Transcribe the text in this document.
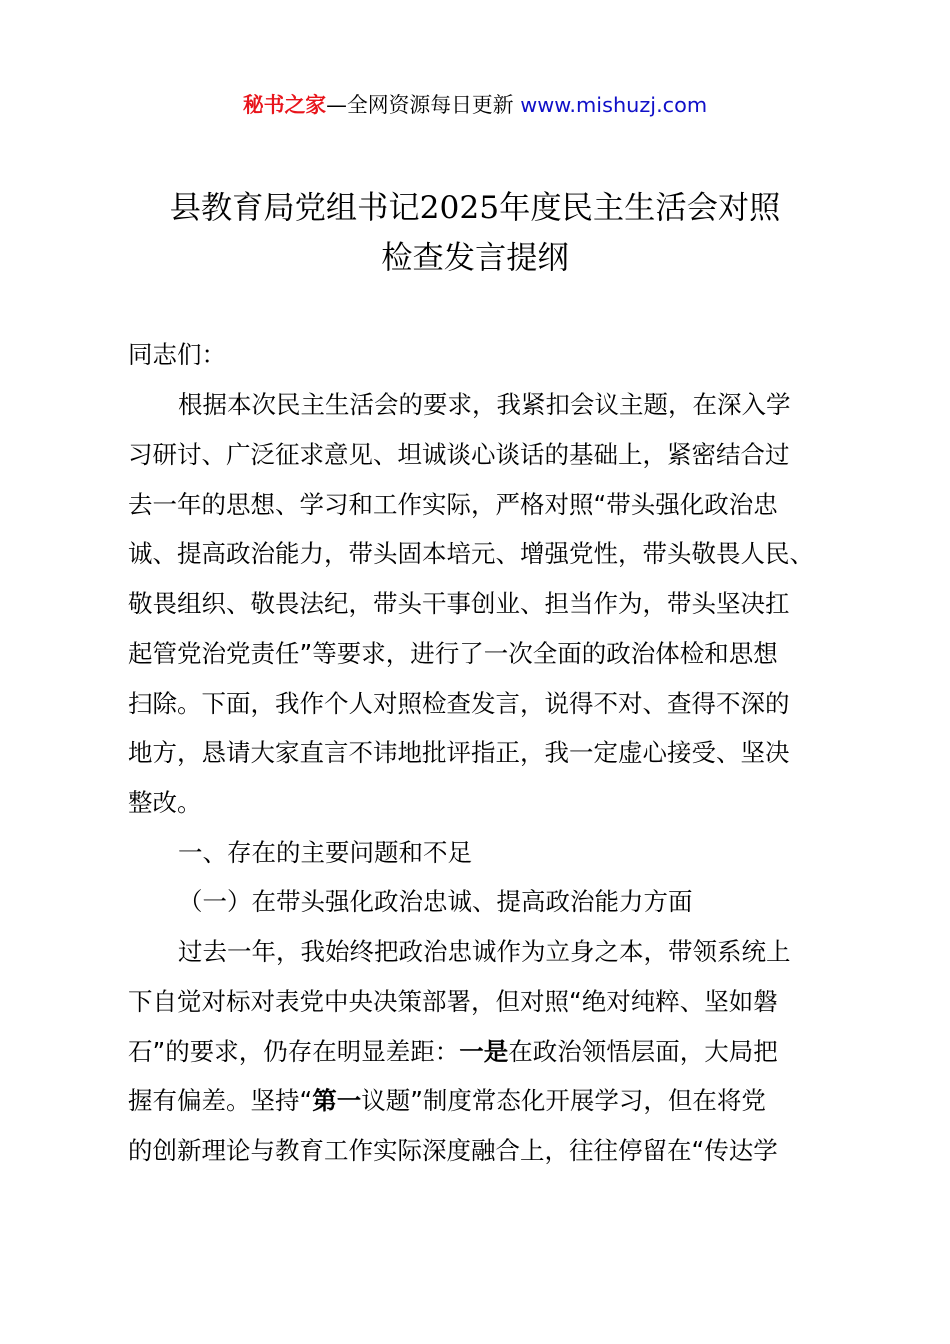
秘书之家—全网资源每日更新 www.mishuzj.com
县教育局党组书记2025年度民主生活会对照
检查发言提纲
同志们：
根据本次民主生活会的要求，我紧扣会议主题，在深入学
习研讨、广泛征求意见、坦诚谈心谈话的基础上，紧密结合过
去一年的思想、学习和工作实际，严格对照“带头强化政治忠
诚、提高政治能力，带头固本培元、增强党性，带头敬畏人民、
敬畏组织、敬畏法纪，带头干事创业、担当作为，带头坚决扛
起管党治党责任”等要求，进行了一次全面的政治体检和思想
扫除。下面，我作个人对照检查发言，说得不对、查得不深的
地方，恳请大家直言不讳地批评指正，我一定虚心接受、坚决
整改。
一、存在的主要问题和不足
（一）在带头强化政治忠诚、提高政治能力方面
过去一年，我始终把政治忠诚作为立身之本，带领系统上
下自觉对标对表党中央决策部署，但对照“绝对纯粹、坚如磐
石”的要求，仍存在明显差距：一是在政治领悟层面，大局把
握有偏差。坚持“第一议题”制度常态化开展学习，但在将党
的创新理论与教育工作实际深度融合上，往往停留在“传达学
